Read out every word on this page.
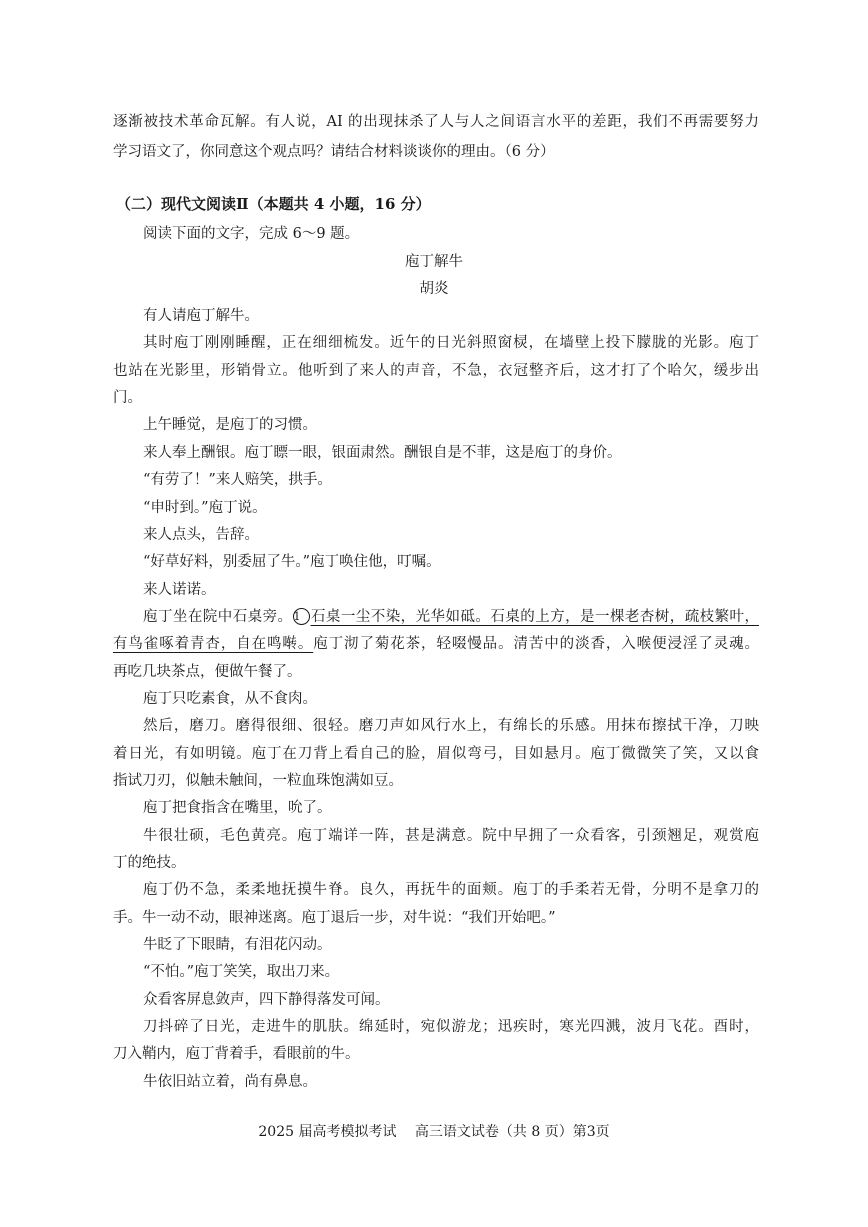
逐渐被技术革命瓦解。有人说，AI 的出现抹杀了人与人之间语言水平的差距，我们不再需要努力
学习语文了，你同意这个观点吗？请结合材料谈谈你的理由。（6 分）
（二）现代文阅读Ⅱ（本题共 4 小题，16 分）
阅读下面的文字，完成 6～9 题。
庖丁解牛
胡炎
有人请庖丁解牛。
其时庖丁刚刚睡醒，正在细细梳发。近午的日光斜照窗棂，在墙壁上投下朦胧的光影。庖丁
也站在光影里，形销骨立。他听到了来人的声音，不急，衣冠整齐后，这才打了个哈欠，缓步出
门。
上午睡觉，是庖丁的习惯。
来人奉上酬银。庖丁瞟一眼，银面肃然。酬银自是不菲，这是庖丁的身价。
“有劳了！”来人赔笑，拱手。
“申时到。”庖丁说。
来人点头，告辞。
“好草好料，别委屈了牛。”庖丁唤住他，叮嘱。
来人诺诺。
庖丁坐在院中石桌旁。1 石桌一尘不染，光华如砥。石桌的上方，是一棵老杏树，疏枝繁叶，
有鸟雀啄着青杏，自在鸣啭。庖丁沏了菊花茶，轻啜慢品。清苦中的淡香，入喉便浸淫了灵魂。
再吃几块茶点，便做午餐了。
庖丁只吃素食，从不食肉。
然后，磨刀。磨得很细、很轻。磨刀声如风行水上，有绵长的乐感。用抹布擦拭干净，刀映
着日光，有如明镜。庖丁在刀背上看自己的脸，眉似弯弓，目如悬月。庖丁微微笑了笑，又以食
指试刀刃，似触未触间，一粒血珠饱满如豆。
庖丁把食指含在嘴里，吮了。
牛很壮硕，毛色黄亮。庖丁端详一阵，甚是满意。院中早拥了一众看客，引颈翘足，观赏庖
丁的绝技。
庖丁仍不急，柔柔地抚摸牛脊。良久，再抚牛的面颊。庖丁的手柔若无骨，分明不是拿刀的
手。牛一动不动，眼神迷离。庖丁退后一步，对牛说：“我们开始吧。”
牛眨了下眼睛，有泪花闪动。
“不怕。”庖丁笑笑，取出刀来。
众看客屏息敛声，四下静得落发可闻。
刀抖碎了日光，走进牛的肌肤。绵延时，宛似游龙；迅疾时，寒光四溅，波月飞花。酉时，
刀入鞘内，庖丁背着手，看眼前的牛。
牛依旧站立着，尚有鼻息。
2025 届高考模拟考试　 高三语文试卷（共 8 页）第3页
